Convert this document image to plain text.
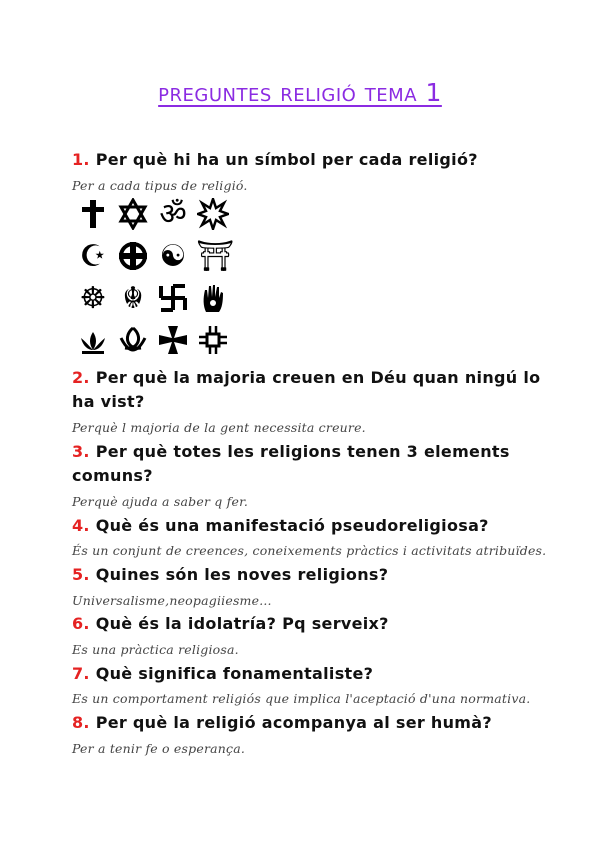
preguntes religió tema 1
1. Per què hi ha un símbol per cada religió?
Per a cada tipus de religió.
ॐ
☪ ☯ ⛩
☸ ☬
2. Per què la majoria creuen en Déu quan ningú lo ha vist?
Perquè l majoria de la gent necessita creure.
3. Per què totes les religions tenen 3 elements comuns?
Perquè ajuda a saber q fer.
4. Què és una manifestació pseudoreligiosa?
És un conjunt de creences, coneixements pràctics i activitats atribuïdes.
5. Quines són les noves religions?
Universalisme,neopagiiesme...
6. Què és la idolatría? Pq serveix?
Es una pràctica religiosa.
7. Què significa fonamentaliste?
Es un comportament religiós que implica l'aceptació d'una normativa.
8. Per què la religió acompanya al ser humà?
Per a tenir fe o esperança.
